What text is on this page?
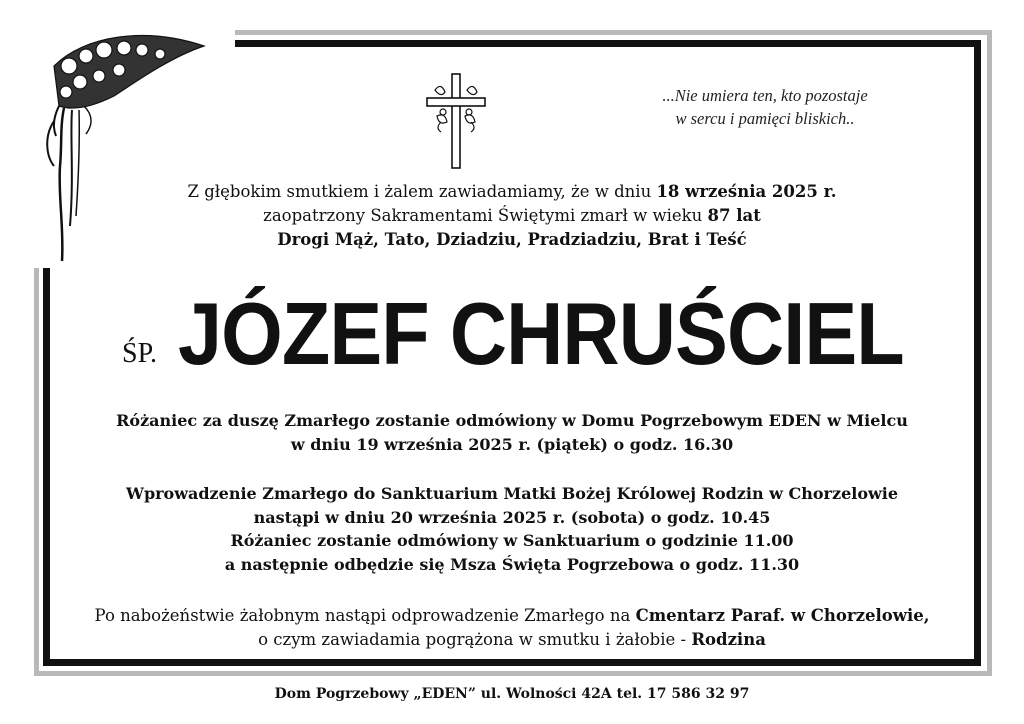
...Nie umiera ten, kto pozostaje
w sercu i pamięci bliskich..
Z głębokim smutkiem i żalem zawiadamiamy, że w dniu 18 września 2025 r.
zaopatrzony Sakramentami Świętymi zmarł w wieku 87 lat
Drogi Mąż, Tato, Dziadziu, Pradziadziu, Brat i Teść
ŚP. JÓZEF CHRUŚCIEL
Różaniec za duszę Zmarłego zostanie odmówiony w Domu Pogrzebowym EDEN w Mielcu
w dniu 19 września 2025 r. (piątek) o godz. 16.30
Wprowadzenie Zmarłego do Sanktuarium Matki Bożej Królowej Rodzin w Chorzelowie
nastąpi w dniu 20 września 2025 r. (sobota) o godz. 10.45
Różaniec zostanie odmówiony w Sanktuarium o godzinie 11.00
a następnie odbędzie się Msza Święta Pogrzebowa o godz. 11.30
Po nabożeństwie żałobnym nastąpi odprowadzenie Zmarłego na Cmentarz Paraf. w Chorzelowie,
o czym zawiadamia pogrążona w smutku i żałobie - Rodzina
Dom Pogrzebowy „EDEN” ul. Wolności 42A tel. 17 586 32 97
